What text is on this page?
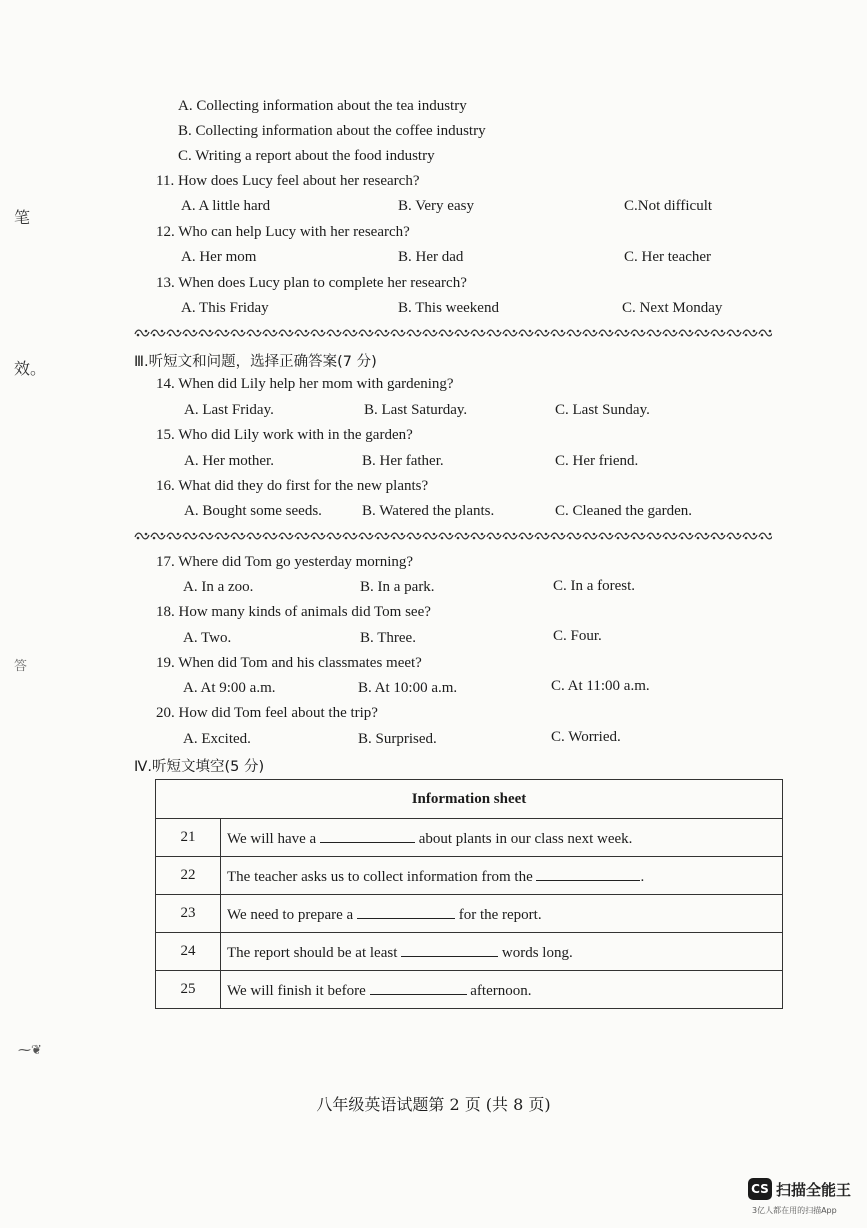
笔
效。
答
⁓❦
A. Collecting information about the tea industry
B. Collecting information about the coffee industry
C. Writing a report about the food industry
11. How does Lucy feel about her research?
A. A little hard	B. Very easy	C.Not difficult
12. Who can help Lucy with her research?
A. Her mom	B. Her dad	C. Her teacher
13. When does Lucy plan to complete her research?
A. This Friday	B. This weekend	C. Next Monday
Ⅲ.听短文和问题，选择正确答案(7 分)
14. When did Lily help her mom with gardening?
A. Last Friday.	B. Last Saturday.	C. Last Sunday.
15. Who did Lily work with in the garden?
A. Her mother.	B. Her father.	C. Her friend.
16. What did they do first for the new plants?
A. Bought some seeds.	B. Watered the plants.	C. Cleaned the garden.
17. Where did Tom go yesterday morning?
A. In a zoo.	B. In a park.	C. In a forest.
18. How many kinds of animals did Tom see?
A. Two.	B. Three.	C. Four.
19. When did Tom and his classmates meet?
A. At 9:00 a.m.	B. At 10:00 a.m.	C. At 11:00 a.m.
20. How did Tom feel about the trip?
A. Excited.	B. Surprised.	C. Worried.
Ⅳ.听短文填空(5 分)
Information sheet	
21	We will have a about plants in our class next week.
22	The teacher asks us to collect information from the .
23	We need to prepare a for the report.
24	The report should be at least words long.
25	We will finish it before afternoon.
八年级英语试题第 2 页 (共 8 页)
CS 扫描全能王
3亿人都在用的扫描App
